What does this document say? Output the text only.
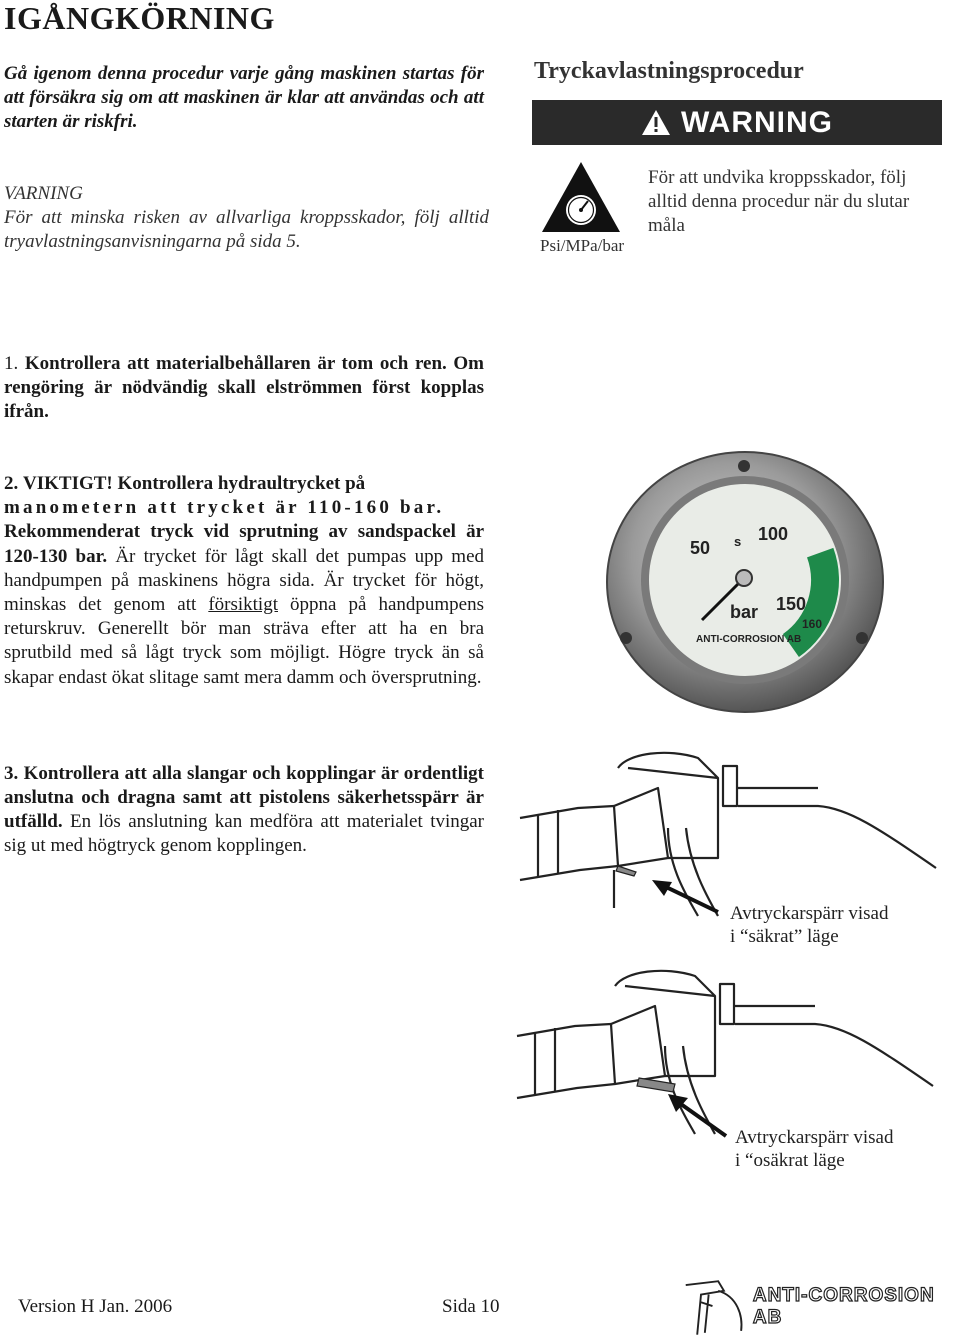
IGÅNGKÖRNING
Gå igenom denna procedur varje gång maskinen startas för att försäkra sig om att maskinen är klar att användas och att starten är riskfri.
VARNING
För att minska risken av allvarliga kroppsskador, följ alltid tryavlastningsanvisningarna på sida 5.
Tryckavlastningsprocedur
WARNING
Psi/MPa/bar
För att undvika kroppsskador, följ alltid denna procedur när du slutar måla
1. Kontrollera att materialbehållaren är tom och ren. Om rengöring är nödvändig skall elströmmen först kopplas ifrån.
2. VIKTIGT! Kontrollera hydraultrycket på
manometern att trycket är 110-160 bar.
Rekommenderat tryck vid sprutning av sandspackel är 120-130 bar. Är trycket för lågt skall det pumpas upp med handpumpen på maskinens högra sida. Är trycket för högt, minskas det genom att försiktigt öppna på handpumpens returskruv. Generellt bör man sträva efter att ha en bra sprutbild med så lågt tryck som möjligt. Högre tryck än så skapar endast ökat slitage samt mera damm och översprutning.
50 s 100
150
160
bar
ANTI-CORROSION AB
3. Kontrollera att alla slangar och kopplingar är ordentligt anslutna och dragna samt att pistolens säkerhetsspärr är utfälld. En lös anslutning kan medföra att materialet tvingar sig ut med högtryck genom kopplingen.
Avtryckarspärr visad
i “säkrat” läge
Avtryckarspärr visad
i “osäkrat läge
Version H Jan. 2006	Sida 10
ANTI-CORROSION AB
